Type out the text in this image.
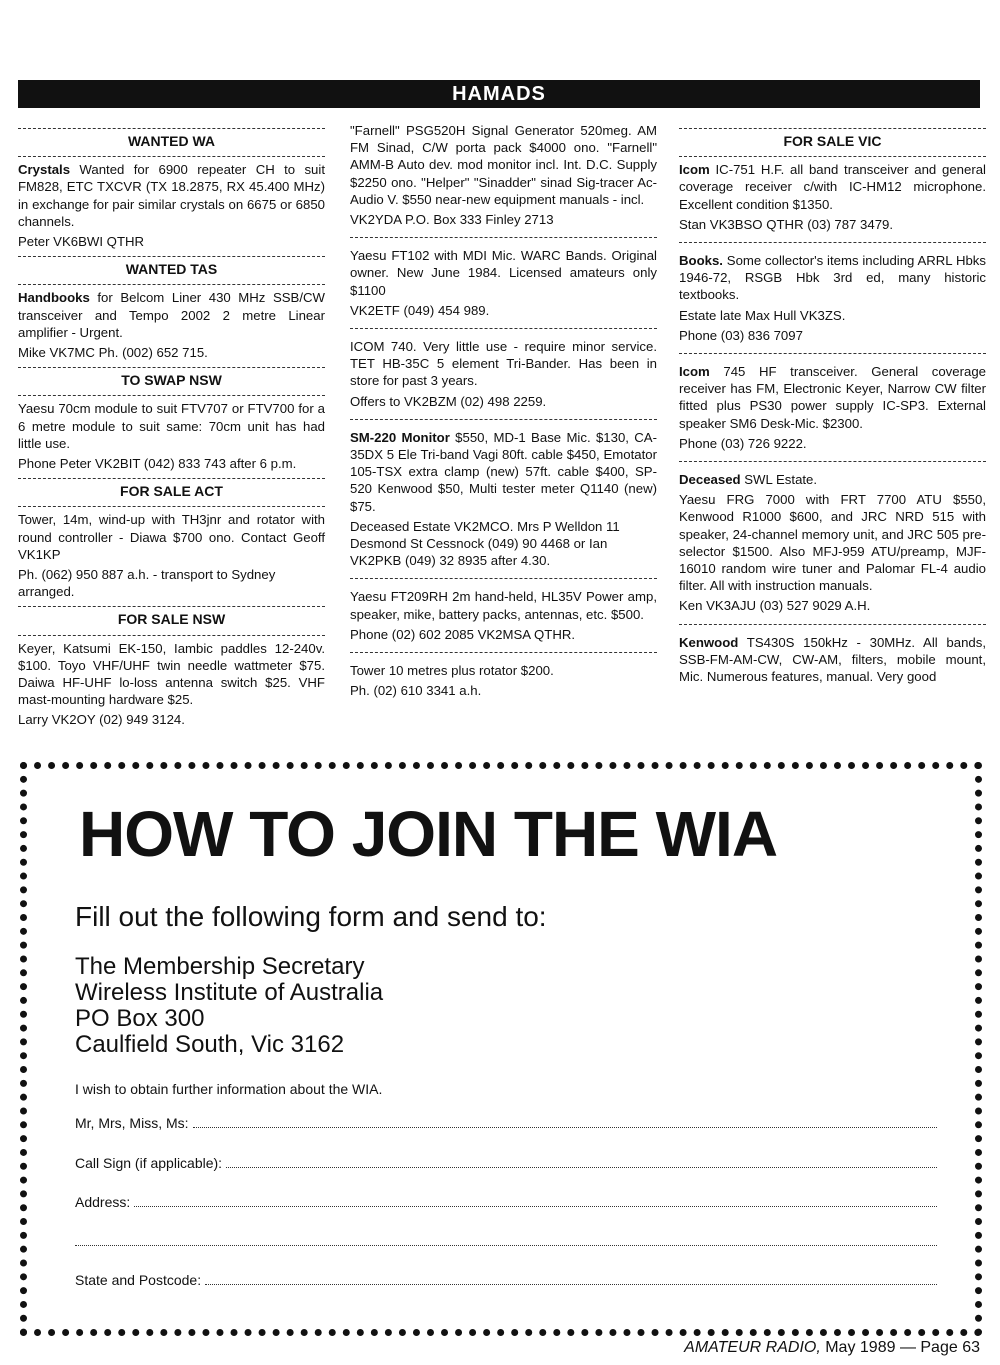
HAMADS
WANTED WA

Crystals Wanted for 6900 repeater CH to suit FM828, ETC TXCVR (TX 18.2875, RX 45.400 MHz) in exchange for pair similar crystals on 6675 or 6850 channels.

Peter VK6BWI QTHR

WANTED TAS

Handbooks for Belcom Liner 430 MHz SSB/CW transceiver and Tempo 2002 2 metre Linear amplifier - Urgent.

Mike VK7MC Ph. (002) 652 715.

TO SWAP NSW

Yaesu 70cm module to suit FTV707 or FTV700 for a 6 metre module to suit same: 70cm unit has had little use.

Phone Peter VK2BIT (042) 833 743 after 6 p.m.

FOR SALE ACT

Tower, 14m, wind-up with TH3jnr and rotator with round controller - Diawa $700 ono. Contact Geoff VK1KP

Ph. (062) 950 887 a.h. - transport to Sydney arranged.

FOR SALE NSW

Keyer, Katsumi EK-150, Iambic paddles 12-240v. $100. Toyo VHF/UHF twin needle wattmeter $75. Daiwa HF-UHF lo-loss antenna switch $25. VHF mast-mounting hardware $25.

Larry VK2OY (02) 949 3124.

"Farnell" PSG520H Signal Generator 520meg. AM FM Sinad, C/W porta pack $4000 ono. "Farnell" AMM-B Auto dev. mod monitor incl. Int. D.C. Supply $2250 ono. "Helper" "Sinadder" sinad Sig-tracer Ac-Audio V. $550 near-new equipment manuals - incl.

VK2YDA P.O. Box 333 Finley 2713

Yaesu FT102 with MDI Mic. WARC Bands. Original owner. New June 1984. Licensed amateurs only $1100

VK2ETF (049) 454 989.

ICOM 740. Very little use - require minor service. TET HB-35C 5 element Tri-Bander. Has been in store for past 3 years.

Offers to VK2BZM (02) 498 2259.

SM-220 Monitor $550, MD-1 Base Mic. $130, CA-35DX 5 Ele Tri-band Vagi 80ft. cable $450, Emotator 105-TSX extra clamp (new) 57ft. cable $400, SP-520 Kenwood $50, Multi tester meter Q1140 (new) $75.

Deceased Estate VK2MCO. Mrs P Welldon 11 Desmond St Cessnock (049) 90 4468 or Ian VK2PKB (049) 32 8935 after 4.30.

Yaesu FT209RH 2m hand-held, HL35V Power amp, speaker, mike, battery packs, antennas, etc. $500.

Phone (02) 602 2085 VK2MSA QTHR.

Tower 10 metres plus rotator $200.

Ph. (02) 610 3341 a.h.

FOR SALE VIC

Icom IC-751 H.F. all band transceiver and general coverage receiver c/with IC-HM12 microphone. Excellent condition $1350.

Stan VK3BSO QTHR (03) 787 3479.

Books. Some collector's items including ARRL Hbks 1946-72, RSGB Hbk 3rd ed, many historic textbooks.

Estate late Max Hull VK3ZS.

Phone (03) 836 7097

Icom 745 HF transceiver. General coverage receiver has FM, Electronic Keyer, Narrow CW filter fitted plus PS30 power supply IC-SP3. External speaker SM6 Desk-Mic. $2300.

Phone (03) 726 9222.

Deceased SWL Estate.

Yaesu FRG 7000 with FRT 7700 ATU $550, Kenwood R1000 $600, and JRC NRD 515 with speaker, 24-channel memory unit, and JRC 505 pre-selector $1500. Also MFJ-959 ATU/preamp, MJF-16010 random wire tuner and Palomar FL-4 audio filter. All with instruction manuals.

Ken VK3AJU (03) 527 9029 A.H.

Kenwood TS430S 150kHz - 30MHz. All bands, SSB-FM-AM-CW, CW-AM, filters, mobile mount, Mic. Numerous features, manual. Very good

HOW TO JOIN THE WIA

Fill out the following form and send to:

The Membership Secretary
Wireless Institute of Australia
PO Box 300
Caulfield South, Vic 3162
I wish to obtain further information about the WIA.
Mr, Mrs, Miss, Ms:
Call Sign (if applicable):
Address:
State and Postcode:
AMATEUR RADIO, May 1989 — Page 63
